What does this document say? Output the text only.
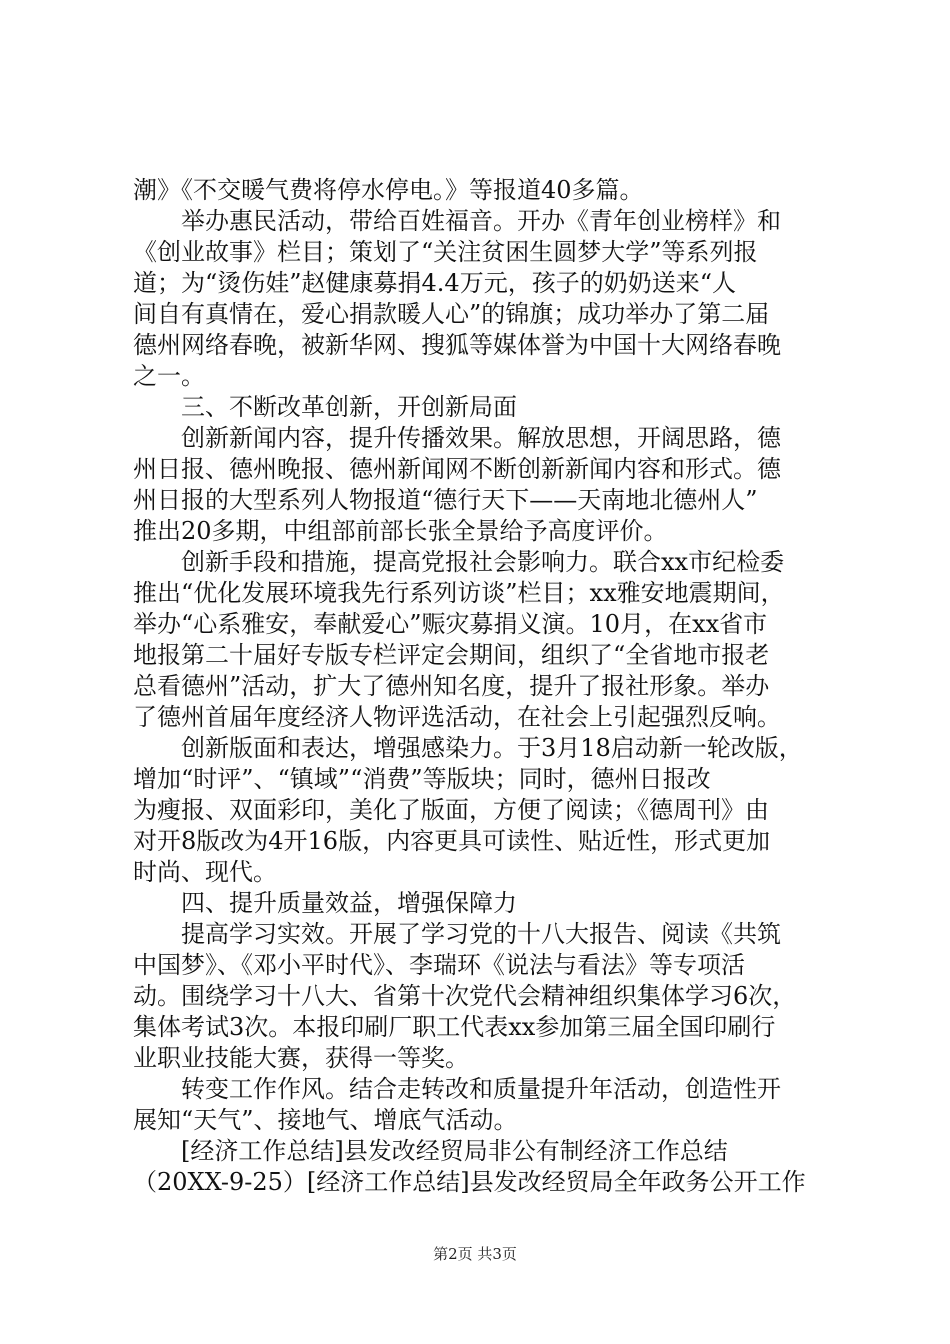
潮》《不交暖气费将停水停电。》等报道40多篇。
　　举办惠民活动，带给百姓福音。开办《青年创业榜样》和
《创业故事》栏目；策划了“关注贫困生圆梦大学”等系列报
道；为“烫伤娃”赵健康募捐4.4万元，孩子的奶奶送来“人
间自有真情在，爱心捐款暖人心”的锦旗；成功举办了第二届
德州网络春晚，被新华网、搜狐等媒体誉为中国十大网络春晚
之一。
　　三、不断改革创新，开创新局面
　　创新新闻内容，提升传播效果。解放思想，开阔思路，德
州日报、德州晚报、德州新闻网不断创新新闻内容和形式。德
州日报的大型系列人物报道“德行天下——天南地北德州人”
推出20多期，中组部前部长张全景给予高度评价。
　　创新手段和措施，提高党报社会影响力。联合xx市纪检委
推出“优化发展环境我先行系列访谈”栏目；xx雅安地震期间，
举办“心系雅安，奉献爱心”赈灾募捐义演。10月，在xx省市
地报第二十届好专版专栏评定会期间，组织了“全省地市报老
总看德州”活动，扩大了德州知名度，提升了报社形象。举办
了德州首届年度经济人物评选活动，在社会上引起强烈反响。
　　创新版面和表达，增强感染力。于3月18启动新一轮改版，
增加“时评”、“镇域”“消费”等版块；同时，德州日报改
为瘦报、双面彩印，美化了版面，方便了阅读；《德周刊》由
对开8版改为4开16版，内容更具可读性、贴近性，形式更加
时尚、现代。
　　四、提升质量效益，增强保障力
　　提高学习实效。开展了学习党的十八大报告、阅读《共筑
中国梦》、《邓小平时代》、李瑞环《说法与看法》等专项活
动。围绕学习十八大、省第十次党代会精神组织集体学习6次，
集体考试3次。本报印刷厂职工代表xx参加第三届全国印刷行
业职业技能大赛，获得一等奖。
　　转变工作作风。结合走转改和质量提升年活动，创造性开
展知“天气”、接地气、增底气活动。
　　[经济工作总结]县发改经贸局非公有制经济工作总结
（20XX-9-25）[经济工作总结]县发改经贸局全年政务公开工作
第2页 共3页
